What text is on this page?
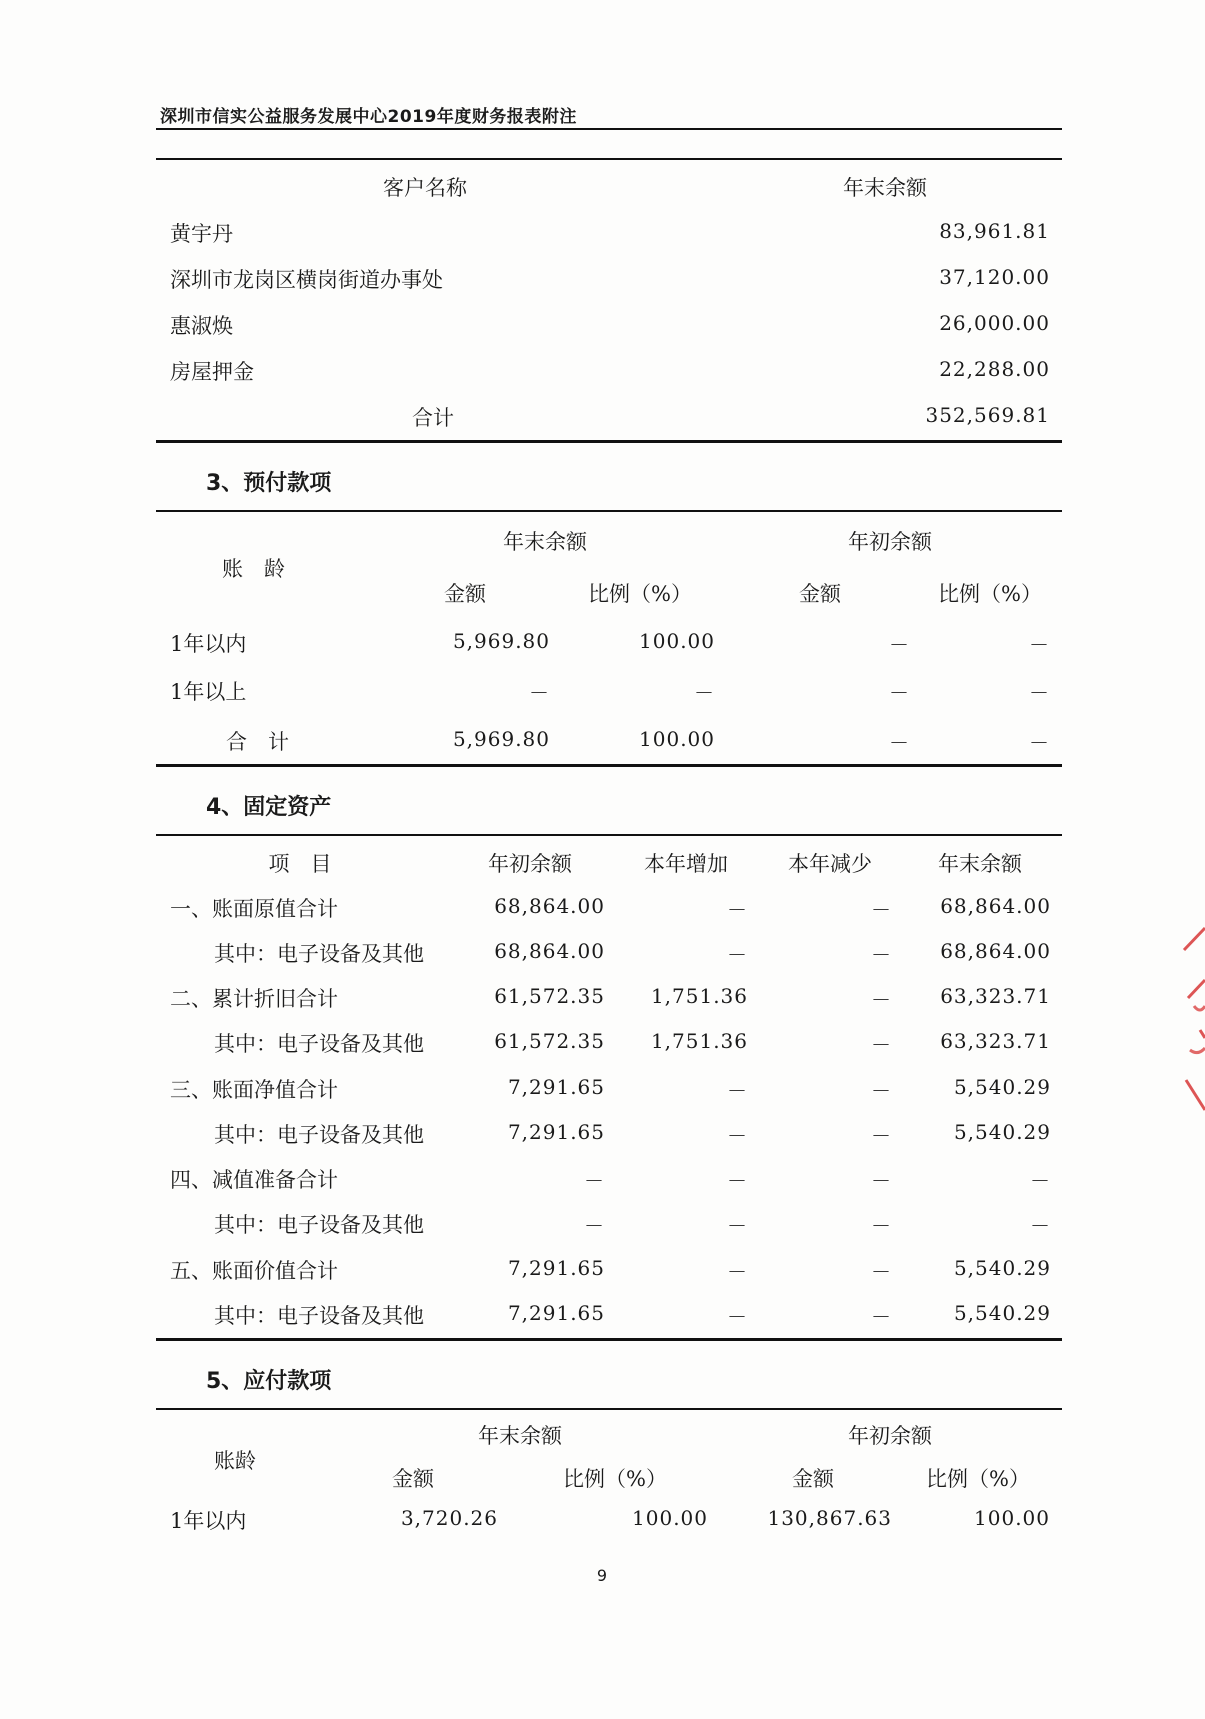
深圳市信实公益服务发展中心2019年度财务报表附注
客户名称	年末余额
黄宇丹	83,961.81
深圳市龙岗区横岗街道办事处	37,120.00
惠淑焕	26,000.00
房屋押金	22,288.00
合计	352,569.81
3、预付款项
账　龄
年末余额	年初余额
金额	比例（%）	金额	比例（%）
1年以内	5,969.80	100.00	－	－
1年以上	－	－	－	－
合　计	5,969.80	100.00	－	－
4、固定资产
项　目	年初余额	本年增加	本年减少	年末余额
一、账面原值合计	68,864.00	－	－	68,864.00
其中：电子设备及其他	68,864.00	－	－	68,864.00
二、累计折旧合计	61,572.35	1,751.36	－	63,323.71
其中：电子设备及其他	61,572.35	1,751.36	－	63,323.71
三、账面净值合计	7,291.65	－	－	5,540.29
其中：电子设备及其他	7,291.65	－	－	5,540.29
四、减值准备合计	－	－	－	－
其中：电子设备及其他	－	－	－	－
五、账面价值合计	7,291.65	－	－	5,540.29
其中：电子设备及其他	7,291.65	－	－	5,540.29
5、应付款项
账龄
年末余额	年初余额
金额	比例（%）	金额	比例（%）
1年以内	3,720.26	100.00	130,867.63	100.00
9
